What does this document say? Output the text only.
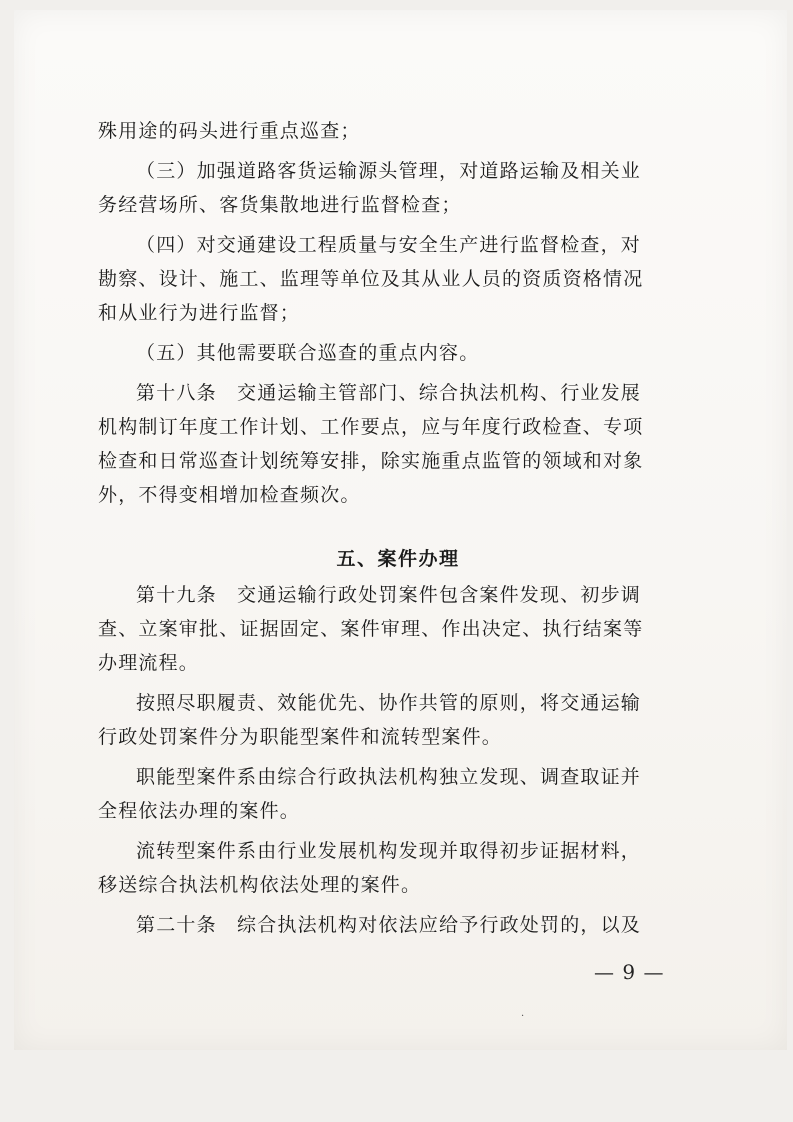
殊用途的码头进行重点巡查；
（三）加强道路客货运输源头管理，对道路运输及相关业
务经营场所、客货集散地进行监督检查；
（四）对交通建设工程质量与安全生产进行监督检查，对
勘察、设计、施工、监理等单位及其从业人员的资质资格情况
和从业行为进行监督；
（五）其他需要联合巡查的重点内容。
第十八条　交通运输主管部门、综合执法机构、行业发展
机构制订年度工作计划、工作要点，应与年度行政检查、专项
检查和日常巡查计划统筹安排，除实施重点监管的领域和对象
外，不得变相增加检查频次。
五、案件办理
第十九条　交通运输行政处罚案件包含案件发现、初步调
查、立案审批、证据固定、案件审理、作出决定、执行结案等
办理流程。
按照尽职履责、效能优先、协作共管的原则，将交通运输
行政处罚案件分为职能型案件和流转型案件。
职能型案件系由综合行政执法机构独立发现、调查取证并
全程依法办理的案件。
流转型案件系由行业发展机构发现并取得初步证据材料，
移送综合执法机构依法处理的案件。
第二十条　综合执法机构对依法应给予行政处罚的，以及
— 9 —
·
